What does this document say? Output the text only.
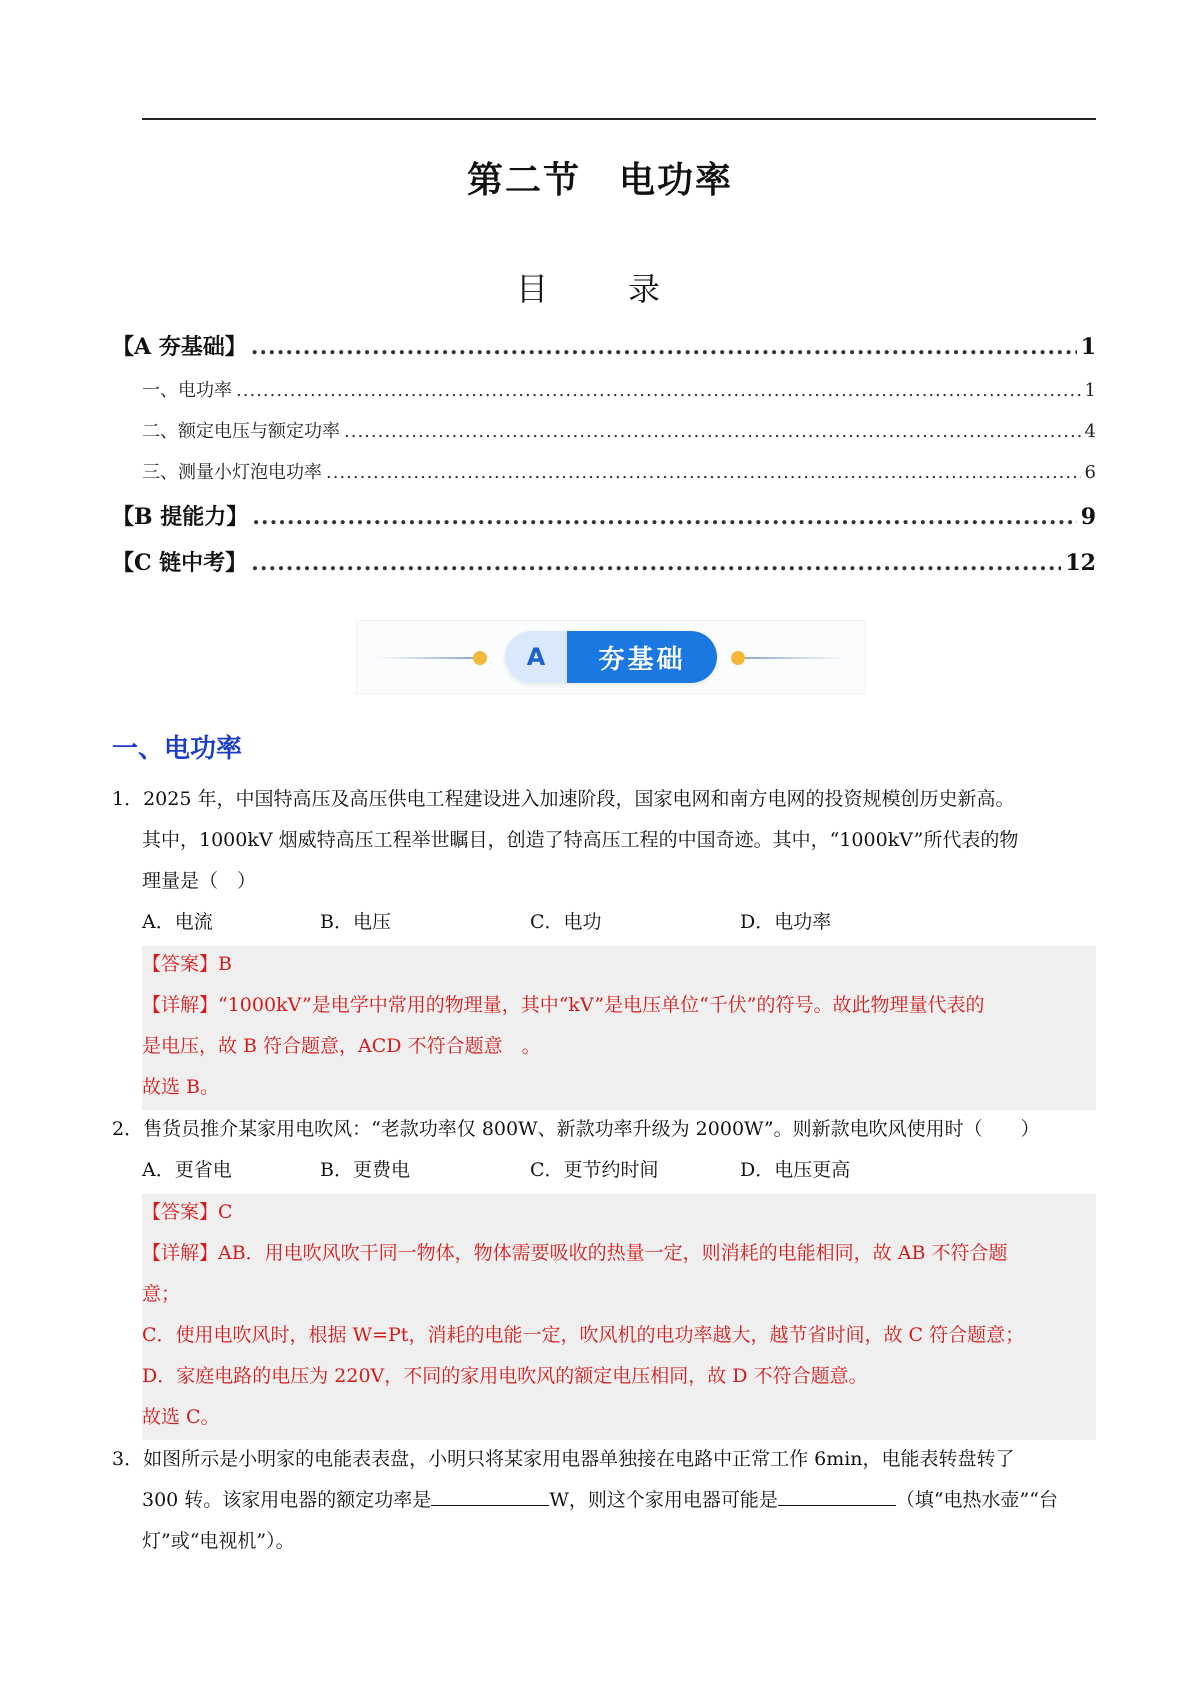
第二节　电功率
目　录
【A 夯基础】 .....	1
一、电功率 .....	1
二、额定电压与额定功率 .....	4
三、测量小灯泡电功率 .....	6
【B 提能力】 .....	9
【C 链中考】 .....	12
A	夯基础
一、电功率
1．2025 年，中国特高压及高压供电工程建设进入加速阶段，国家电网和南方电网的投资规模创历史新高。
其中，1000kV 烟威特高压工程举世瞩目，创造了特高压工程的中国奇迹。其中，“1000kV”所代表的物
理量是（　）
A．电流	B．电压	C．电功	D．电功率
【答案】B
【详解】“1000kV”是电学中常用的物理量，其中“kV”是电压单位“千伏”的符号。故此物理量代表的
是电压，故 B 符合题意，ACD 不符合题意　。
故选 B。
2．售货员推介某家用电吹风：“老款功率仅 800W、新款功率升级为 2000W”。则新款电吹风使用时（　　）
A．更省电	B．更费电	C．更节约时间	D．电压更高
【答案】C
【详解】AB．用电吹风吹干同一物体，物体需要吸收的热量一定，则消耗的电能相同，故 AB 不符合题
意；
C．使用电吹风时，根据 W=Pt，消耗的电能一定，吹风机的电功率越大，越节省时间，故 C 符合题意；
D．家庭电路的电压为 220V，不同的家用电吹风的额定电压相同，故 D 不符合题意。
故选 C。
3．如图所示是小明家的电能表表盘，小明只将某家用电器单独接在电路中正常工作 6min，电能表转盘转了
300 转。该家用电器的额定功率是	W，则这个家用电器可能是	（填“电热水壶”“台
灯”或“电视机”）。
